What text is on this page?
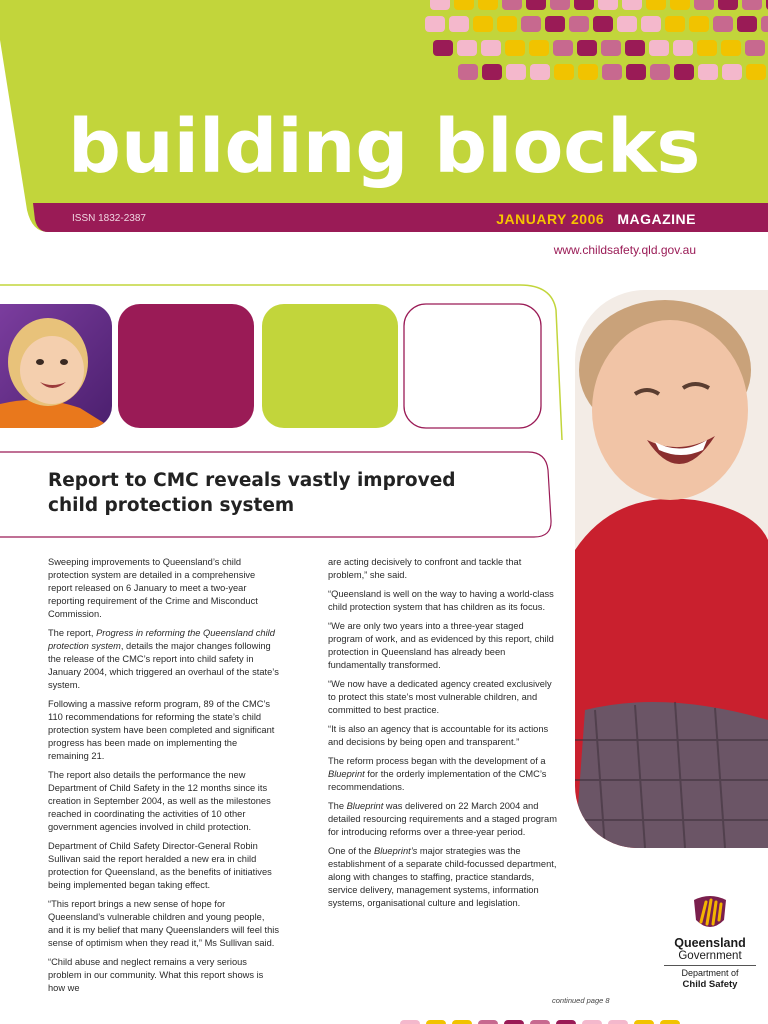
building blocks
ISSN 1832-2387	JANUARY 2006 MAGAZINE
www.childsafety.qld.gov.au
Report to CMC reveals vastly improved child protection system

Sweeping improvements to Queensland’s child protection system are detailed in a comprehensive report released on 6 January to meet a two-year reporting requirement of the Crime and Misconduct Commission.

The report, Progress in reforming the Queensland child protection system, details the major changes following the release of the CMC’s report into child safety in January 2004, which triggered an overhaul of the state’s system.

Following a massive reform program, 89 of the CMC’s 110 recommendations for reforming the state’s child protection system have been completed and significant progress has been made on implementing the remaining 21.

The report also details the performance the new Department of Child Safety in the 12 months since its creation in September 2004, as well as the milestones reached in coordinating the activities of 10 other government agencies involved in child protection.

Department of Child Safety Director-General Robin Sullivan said the report heralded a new era in child protection for Queensland, as the benefits of initiatives being implemented began taking effect.

“This report brings a new sense of hope for Queensland’s vulnerable children and young people, and it is my belief that many Queenslanders will feel this sense of optimism when they read it,” Ms Sullivan said.

“Child abuse and neglect remains a very serious problem in our community. What this report shows is how we

are acting decisively to confront and tackle that problem,” she said.

“Queensland is well on the way to having a world-class child protection system that has children as its focus.

“We are only two years into a three-year staged program of work, and as evidenced by this report, child protection in Queensland has already been fundamentally transformed.

“We now have a dedicated agency created exclusively to protect this state’s most vulnerable children, and committed to best practice.

“It is also an agency that is accountable for its actions and decisions by being open and transparent.”

The reform process began with the development of a Blueprint for the orderly implementation of the CMC’s recommendations.

The Blueprint was delivered on 22 March 2004 and detailed resourcing requirements and a staged program for introducing reforms over a three-year period.

One of the Blueprint’s major strategies was the establishment of a separate child-focussed department, along with changes to staffing, practice standards, service delivery, management systems, information systems, organisational culture and legislation.

continued page 8
Queensland
Government
Department of
Child Safety
